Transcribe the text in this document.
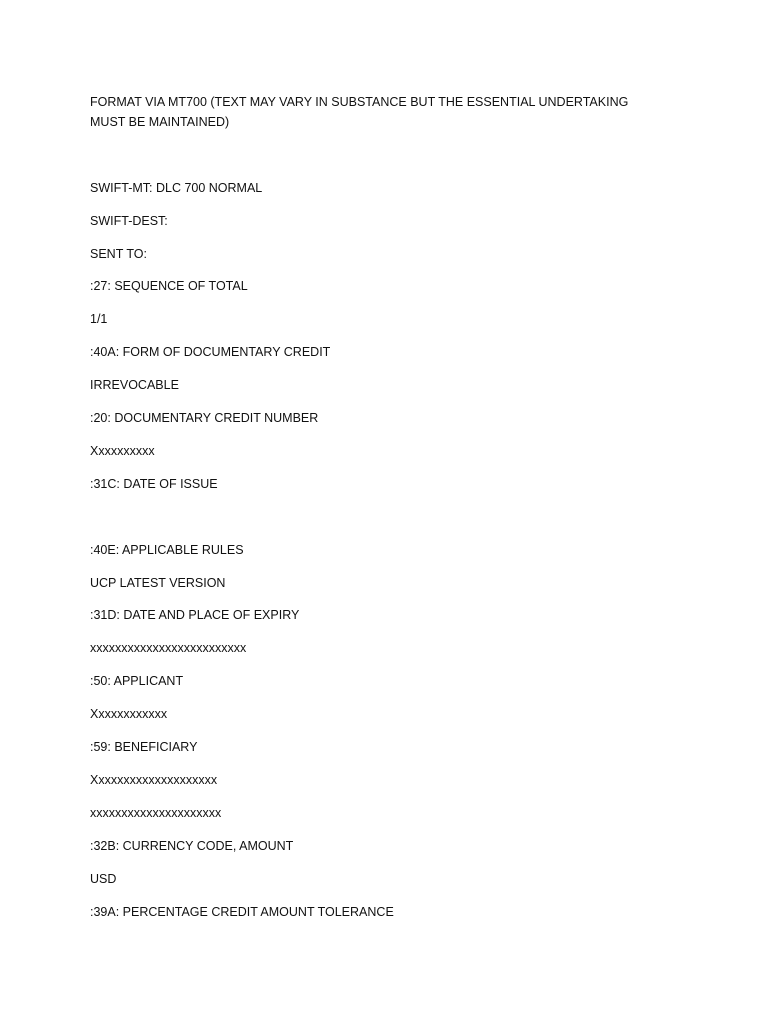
FORMAT VIA MT700 (TEXT MAY VARY IN SUBSTANCE BUT THE ESSENTIAL UNDERTAKING MUST BE MAINTAINED)
SWIFT-MT: DLC 700 NORMAL
SWIFT-DEST:
SENT TO:
:27: SEQUENCE OF TOTAL
1/1
:40A: FORM OF DOCUMENTARY CREDIT
IRREVOCABLE
:20: DOCUMENTARY CREDIT NUMBER
Xxxxxxxxxx
:31C: DATE OF ISSUE
:40E: APPLICABLE RULES
UCP LATEST VERSION
:31D: DATE AND PLACE OF EXPIRY
xxxxxxxxxxxxxxxxxxxxxxxxx
:50: APPLICANT
Xxxxxxxxxxxx
:59: BENEFICIARY
Xxxxxxxxxxxxxxxxxxxx
xxxxxxxxxxxxxxxxxxxxx
:32B: CURRENCY CODE, AMOUNT
USD
:39A: PERCENTAGE CREDIT AMOUNT TOLERANCE
